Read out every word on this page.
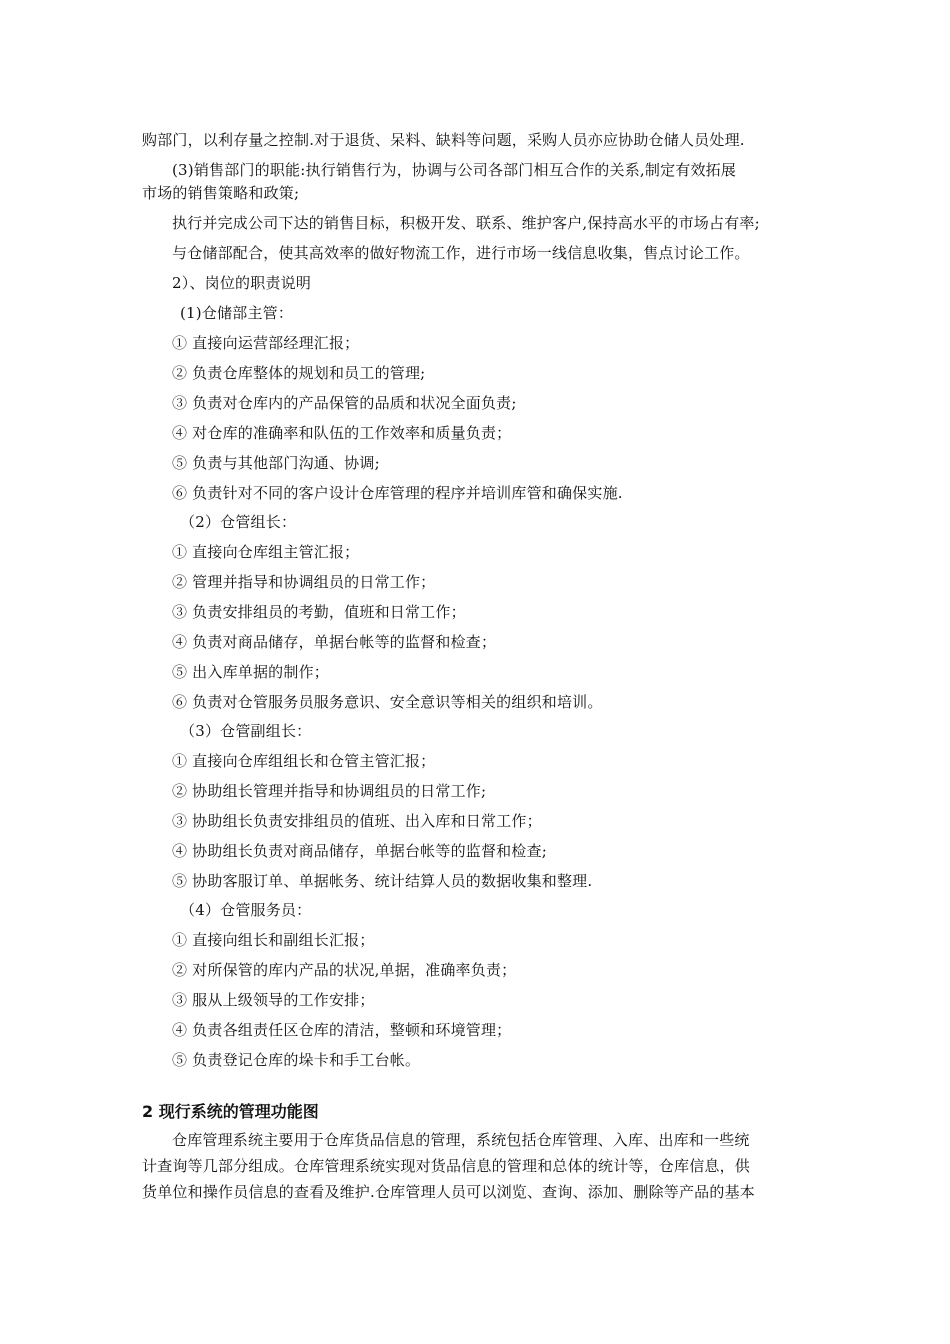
购部门，以利存量之控制.对于退货、呆料、缺料等问题，采购人员亦应协助仓储人员处理.
(3)销售部门的职能:执行销售行为，协调与公司各部门相互合作的关系,制定有效拓展
市场的销售策略和政策;
执行并完成公司下达的销售目标，积极开发、联系、维护客户,保持高水平的市场占有率;
与仓储部配合，使其高效率的做好物流工作，进行市场一线信息收集，售点讨论工作。
2）、岗位的职责说明
(1)仓储部主管：
① 直接向运营部经理汇报；
② 负责仓库整体的规划和员工的管理;
③ 负责对仓库内的产品保管的品质和状况全面负责;
④ 对仓库的准确率和队伍的工作效率和质量负责；
⑤ 负责与其他部门沟通、协调;
⑥ 负责针对不同的客户设计仓库管理的程序并培训库管和确保实施.
（2）仓管组长：
① 直接向仓库组主管汇报；
② 管理并指导和协调组员的日常工作；
③ 负责安排组员的考勤，值班和日常工作；
④ 负责对商品储存，单据台帐等的监督和检查；
⑤ 出入库单据的制作；
⑥ 负责对仓管服务员服务意识、安全意识等相关的组织和培训。
（3）仓管副组长：
① 直接向仓库组组长和仓管主管汇报；
② 协助组长管理并指导和协调组员的日常工作;
③ 协助组长负责安排组员的值班、出入库和日常工作；
④ 协助组长负责对商品储存，单据台帐等的监督和检查;
⑤ 协助客服订单、单据帐务、统计结算人员的数据收集和整理.
（4）仓管服务员：
① 直接向组长和副组长汇报；
② 对所保管的库内产品的状况,单据，准确率负责；
③ 服从上级领导的工作安排；
④ 负责各组责任区仓库的清洁，整顿和环境管理；
⑤ 负责登记仓库的垛卡和手工台帐。
2 现行系统的管理功能图
仓库管理系统主要用于仓库货品信息的管理，系统包括仓库管理、入库、出库和一些统
计查询等几部分组成。仓库管理系统实现对货品信息的管理和总体的统计等，仓库信息，供
货单位和操作员信息的查看及维护.仓库管理人员可以浏览、查询、添加、删除等产品的基本
